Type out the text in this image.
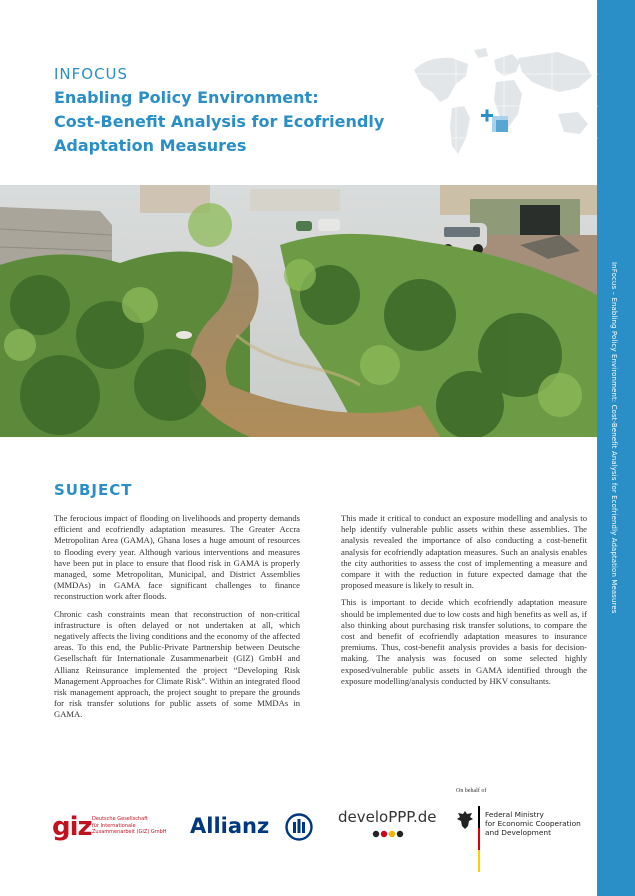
InFocus – Enabling Policy Environment: Cost-Benefit Analysis for Ecofriendly Adaptation Measures
INFOCUS
Enabling Policy Environment:
Cost-Benefit Analysis for Ecofriendly
Adaptation Measures
SUBJECT

The ferocious impact of flooding on livelihoods and property demands efficient and ecofriendly adaptation measures. The Greater Accra Metropolitan Area (GAMA), Ghana loses a huge amount of resources to flooding every year. Although various interventions and measures have been put in place to ensure that flood risk in GAMA is properly managed, some Metropolitan, Municipal, and District Assemblies (MMDAs) in GAMA face significant challenges to finance reconstruction work after floods.

Chronic cash constraints mean that reconstruction of non-critical infrastructure is often delayed or not undertaken at all, which negatively affects the living conditions and the economy of the affected areas. To this end, the Public-Private Partnership between Deutsche Gesellschaft für Internationale Zusammenarbeit (GIZ) GmbH and Allianz Reinsurance implemented the project “Developing Risk Management Approaches for Climate Risk”. Within an integrated flood risk management approach, the project sought to prepare the grounds for risk transfer solutions for public assets of some MMDAs in GAMA.

This made it critical to conduct an exposure modelling and analysis to help identify vulnerable public assets within these assemblies. The analysis revealed the importance of also conducting a cost-benefit analysis for ecofriendly adaptation measures. Such an analysis enables the city authorities to assess the cost of implementing a measure and compare it with the reduction in future expected damage that the proposed measure is likely to result in.

This is important to decide which ecofriendly adaptation measure should be implemented due to low costs and high benefits as well as, if also thinking about purchasing risk transfer solutions, to compare the cost and benefit of ecofriendly adaptation measures to insurance premiums. Thus, cost-benefit analysis provides a basis for decision-making. The analysis was focused on some selected highly exposed/vulnerable public assets in GAMA identified through the exposure modelling/analysis conducted by HKV consultants.

giz Deutsche Gesellschaft
für Internationale
Zusammenarbeit (GIZ) GmbH Allianz	develoPPP.de
On behalf of
Federal Ministry
for Economic Cooperation
and Development
